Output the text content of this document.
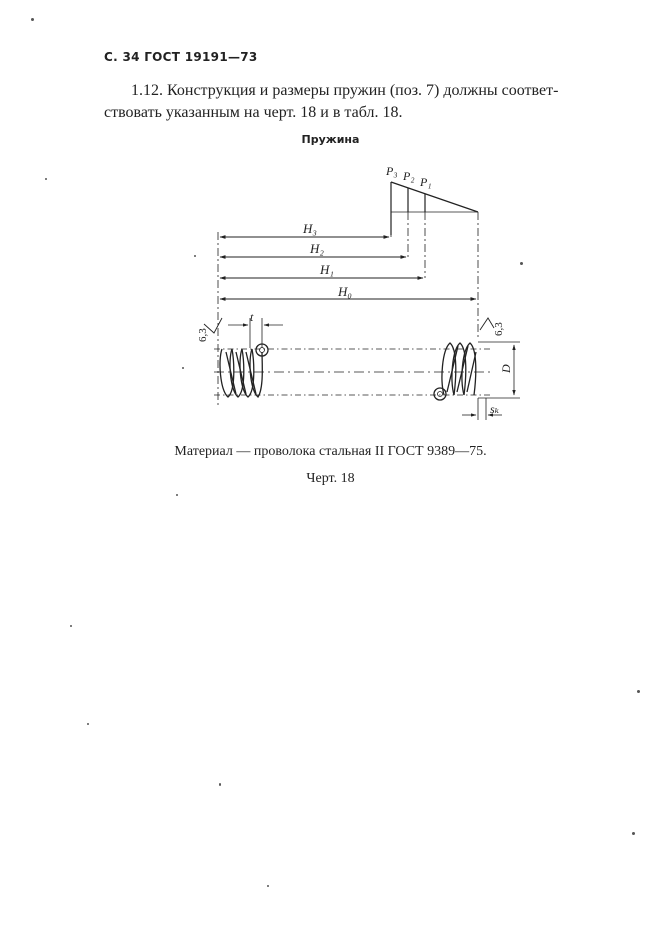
С. 34 ГОСТ 19191—73
1.12. Конструкция и размеры пружин (поз. 7) должны соответ-
ствовать указанным на черт. 18 и в табл. 18.
Пружина
P₃ P₂ P₁
H₃
H₂
H₁
H₀
t
6,3	6,3
D
sₖ
Материал — проволока стальная II ГОСТ 9389—75.
Черт. 18
